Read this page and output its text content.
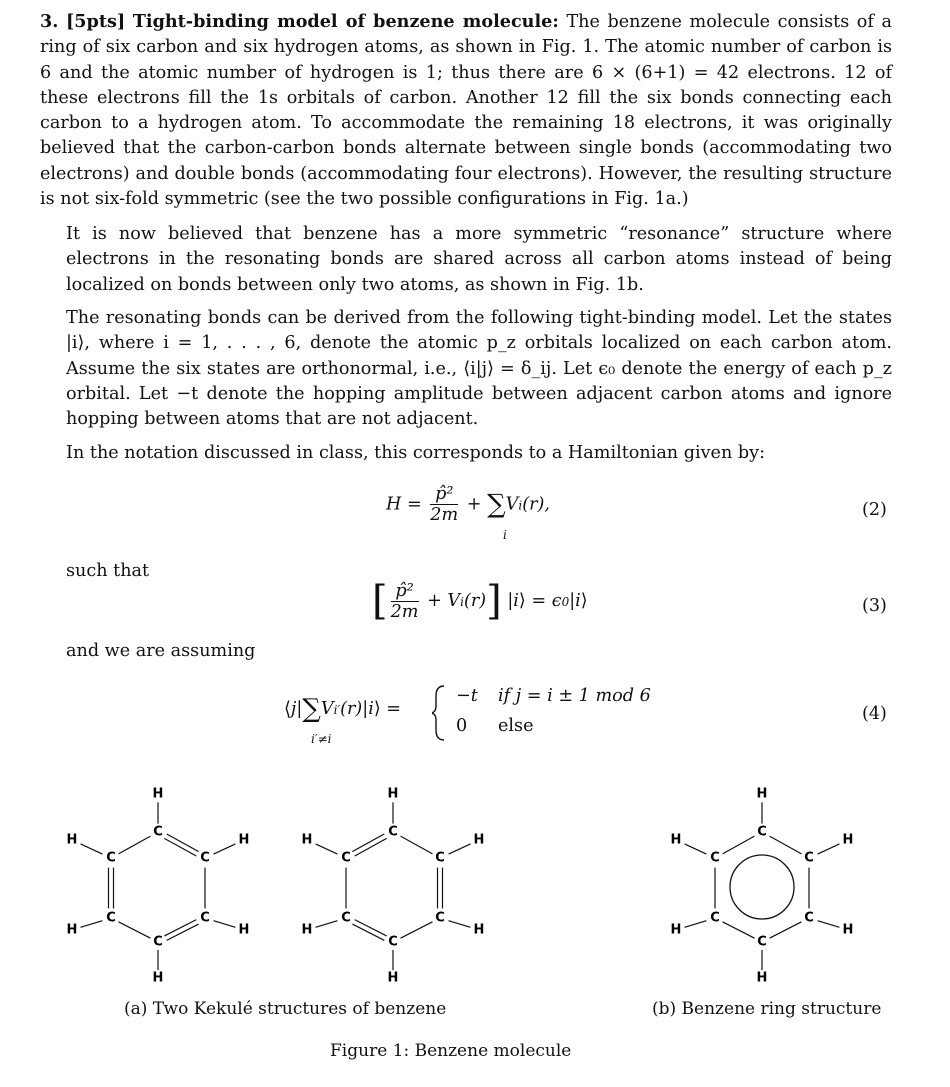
3. [5pts] Tight-binding model of benzene molecule: The benzene molecule consists of a ring of six carbon and six hydrogen atoms, as shown in Fig. 1. The atomic number of carbon is 6 and the atomic number of hydrogen is 1; thus there are 6 × (6+1) = 42 electrons. 12 of these electrons fill the 1s orbitals of carbon. Another 12 fill the six bonds connecting each carbon to a hydrogen atom. To accommodate the remaining 18 electrons, it was originally believed that the carbon-carbon bonds alternate between single bonds (accommodating two electrons) and double bonds (accommodating four electrons). However, the resulting structure is not six-fold symmetric (see the two possible configurations in Fig. 1a.)

It is now believed that benzene has a more symmetric “resonance” structure where electrons in the resonating bonds are shared across all carbon atoms instead of being localized on bonds between only two atoms, as shown in Fig. 1b.

The resonating bonds can be derived from the following tight-binding model. Let the states |i⟩, where i = 1, . . . , 6, denote the atomic p_z orbitals localized on each carbon atom. Assume the six states are orthonormal, i.e., ⟨i|j⟩ = δ_ij. Let ϵ₀ denote the energy of each p_z orbital. Let −t denote the hopping amplitude between adjacent carbon atoms and ignore hopping between atoms that are not adjacent.

In the notation discussed in class, this corresponds to a Hamiltonian given by:

$H = \frac{\text{p̂²}}{2m} + \sum Vi(r)$,
i
(2)
such that
[ $\frac{\text{p̂²}}{2m} + Vi(r)$] |i⟩ = ϵ0|i⟩	(3)
and we are assuming
⟨j|∑Vi′(r)|i⟩ =
i′≠i
−t if j = i ± 1 mod 6
0 else
(4)
C
H
C
H
C
H
C
H
C
H
C
H
C
H
C
H
C
H
C
H
C
H
C
H
C
H
C
H
C
H
C
H
C
H
C
H
(a) Two Kekulé structures of benzene	(b) Benzene ring structure
Figure 1: Benzene molecule
